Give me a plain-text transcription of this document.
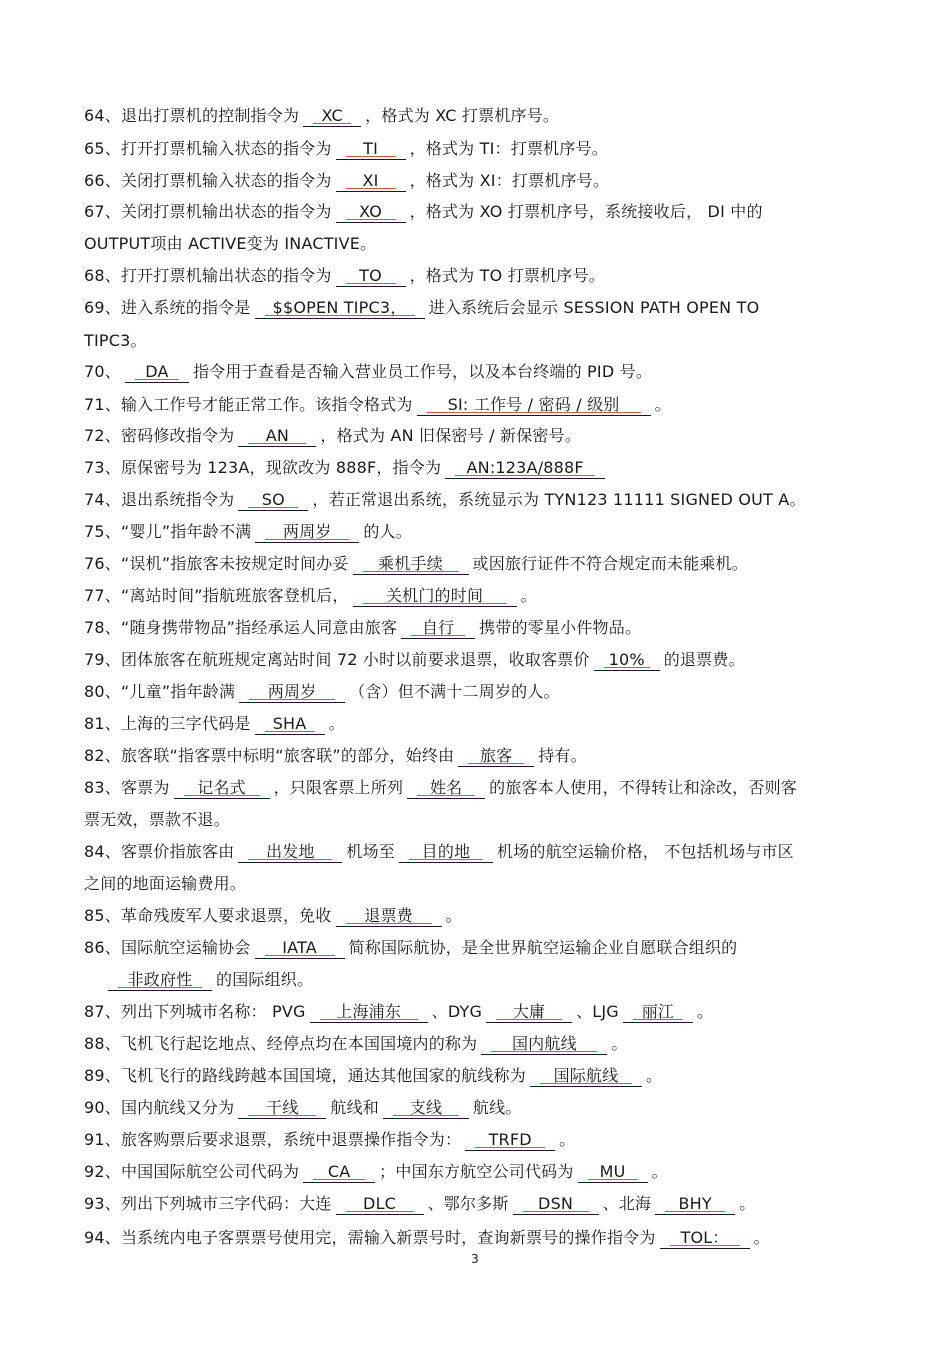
64、退出打票机的控制指令为 XC ，格式为 XC 打票机序号。
65、打开打票机输入状态的指令为 TI ，格式为 TI：打票机序号。
66、关闭打票机输入状态的指令为 XI ，格式为 XI：打票机序号。
67、关闭打票机输出状态的指令为 XO ，格式为 XO 打票机序号，系统接收后， DI 中的
OUTPUT项由 ACTIVE变为 INACTIVE。
68、打开打票机输出状态的指令为 TO ，格式为 TO 打票机序号。
69、进入系统的指令是 $$OPEN TIPC3， 进入系统后会显示 SESSION PATH OPEN TO
TIPC3。
70、 DA 指令用于查看是否输入营业员工作号，以及本台终端的 PID 号。
71、输入工作号才能正常工作。该指令格式为 SI: 工作号 / 密码 / 级别 。
72、密码修改指令为 AN ，格式为 AN 旧保密号 / 新保密号。
73、原保密号为 123A，现欲改为 888F，指令为 AN:123A/888F
74、退出系统指令为 SO ，若正常退出系统，系统显示为 TYN123 11111 SIGNED OUT A。
75、“婴儿”指年龄不满 两周岁 的人。
76、“误机”指旅客未按规定时间办妥 乘机手续 或因旅行证件不符合规定而未能乘机。
77、“离站时间”指航班旅客登机后， 关机门的时间 。
78、“随身携带物品”指经承运人同意由旅客 自行 携带的零星小件物品。
79、团体旅客在航班规定离站时间 72 小时以前要求退票，收取客票价 10% 的退票费。
80、“儿童”指年龄满 两周岁 （含）但不满十二周岁的人。
81、上海的三字代码是 SHA 。
82、旅客联“指客票中标明“旅客联”的部分，始终由 旅客 持有。
83、客票为 记名式 ，只限客票上所列 姓名 的旅客本人使用，不得转让和涂改，否则客
票无效，票款不退。
84、客票价指旅客由 出发地 机场至 目的地 机场的航空运输价格， 不包括机场与市区
之间的地面运输费用。
85、革命残废军人要求退票，免收 退票费 。
86、国际航空运输协会 IATA 简称国际航协，是全世界航空运输企业自愿联合组织的
非政府性 的国际组织。
87、列出下列城市名称： PVG 上海浦东 、DYG 大庸 、LJG 丽江 。
88、飞机飞行起讫地点、经停点均在本国国境内的称为 国内航线 。
89、飞机飞行的路线跨越本国国境，通达其他国家的航线称为 国际航线 。
90、国内航线又分为 干线 航线和 支线 航线。
91、旅客购票后要求退票，系统中退票操作指令为： TRFD 。
92、中国国际航空公司代码为 CA ；中国东方航空公司代码为 MU 。
93、列出下列城市三字代码：大连 DLC 、鄂尔多斯 DSN 、北海 BHY 。
94、当系统内电子客票票号使用完，需输入新票号时，查询新票号的操作指令为 TOL： 。
3
